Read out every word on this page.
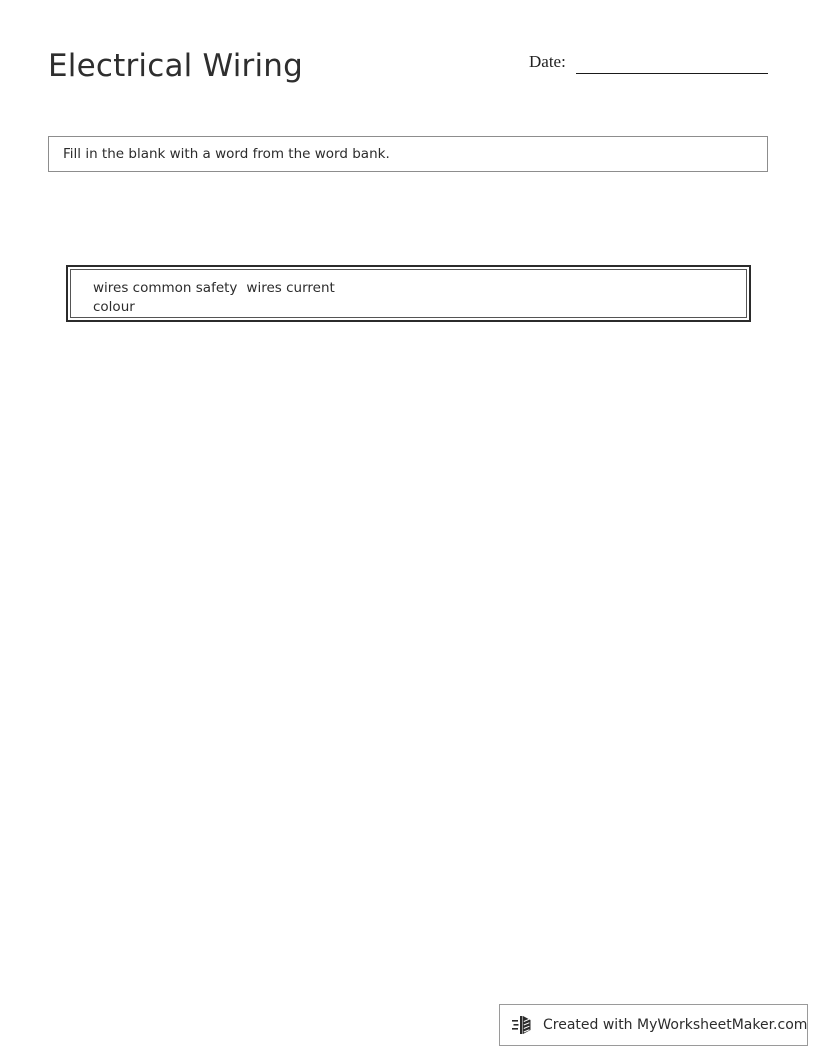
Electrical Wiring	Date:
Fill in the blank with a word from the word bank.
wires common safety wires current
colour
Created with MyWorksheetMaker.com
